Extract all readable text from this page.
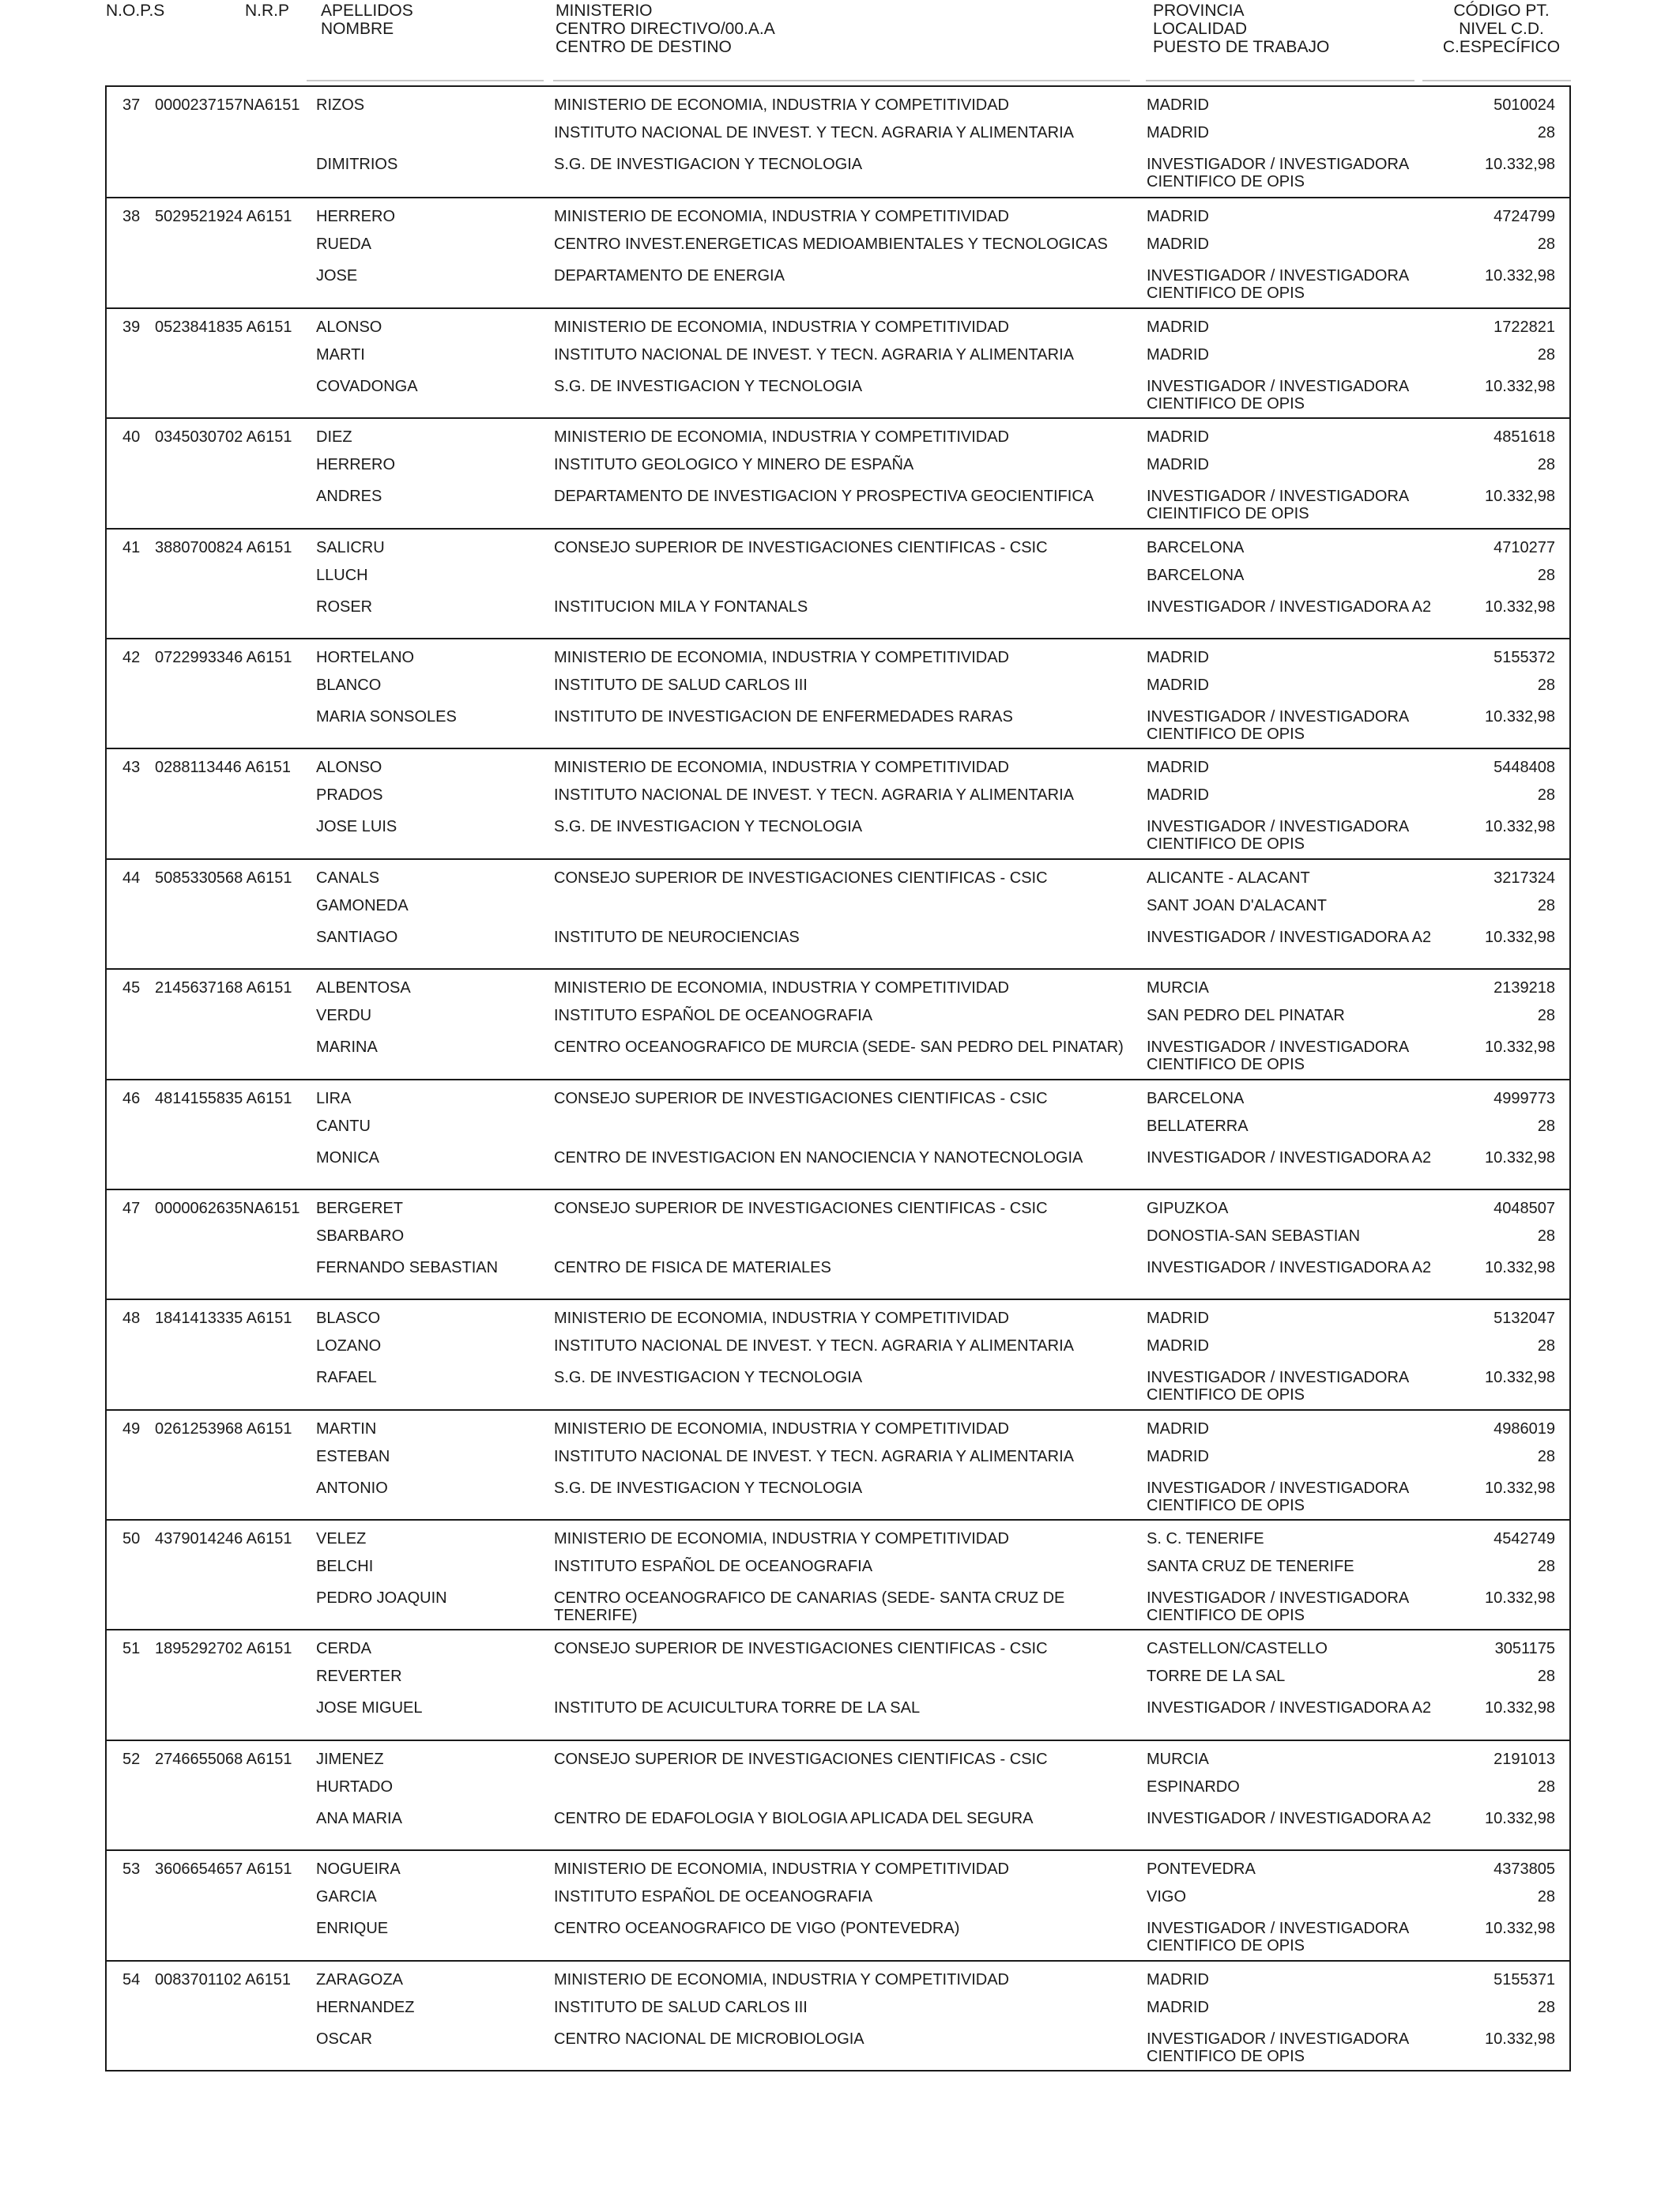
N.O.P.S	N.R.P APELLIDOS
NOMBRE
MINISTERIO
CENTRO DIRECTIVO/00.A.A
CENTRO DE DESTINO
PROVINCIA
LOCALIDAD
PUESTO DE TRABAJO
CÓDIGO PT.
NIVEL C.D.
C.ESPECÍFICO
37 0000237157NA6151 RIZOS
DIMITRIOS
MINISTERIO DE ECONOMIA, INDUSTRIA Y COMPETITIVIDAD
INSTITUTO NACIONAL DE INVEST. Y TECN. AGRARIA Y ALIMENTARIA
S.G. DE INVESTIGACION Y TECNOLOGIA
MADRID
MADRID
INVESTIGADOR / INVESTIGADORA CIENTIFICO DE OPIS
5010024
28
10.332,98
38 5029521924 A6151 HERRERO
RUEDA
JOSE
MINISTERIO DE ECONOMIA, INDUSTRIA Y COMPETITIVIDAD
CENTRO INVEST.ENERGETICAS MEDIOAMBIENTALES Y TECNOLOGICAS
DEPARTAMENTO DE ENERGIA
MADRID
MADRID
INVESTIGADOR / INVESTIGADORA CIENTIFICO DE OPIS
4724799
28
10.332,98
39 0523841835 A6151 ALONSO
MARTI
COVADONGA
MINISTERIO DE ECONOMIA, INDUSTRIA Y COMPETITIVIDAD
INSTITUTO NACIONAL DE INVEST. Y TECN. AGRARIA Y ALIMENTARIA
S.G. DE INVESTIGACION Y TECNOLOGIA
MADRID
MADRID
INVESTIGADOR / INVESTIGADORA CIENTIFICO DE OPIS
1722821
28
10.332,98
40 0345030702 A6151 DIEZ
HERRERO
ANDRES
MINISTERIO DE ECONOMIA, INDUSTRIA Y COMPETITIVIDAD
INSTITUTO GEOLOGICO Y MINERO DE ESPAÑA
DEPARTAMENTO DE INVESTIGACION Y PROSPECTIVA GEOCIENTIFICA
MADRID
MADRID
INVESTIGADOR / INVESTIGADORA CIEINTIFICO DE OPIS
4851618
28
10.332,98
41 3880700824 A6151 SALICRU
LLUCH
ROSER
CONSEJO SUPERIOR DE INVESTIGACIONES CIENTIFICAS - CSIC
INSTITUCION MILA Y FONTANALS
BARCELONA
BARCELONA
INVESTIGADOR / INVESTIGADORA A2
4710277
28
10.332,98
42 0722993346 A6151 HORTELANO
BLANCO
MARIA SONSOLES
MINISTERIO DE ECONOMIA, INDUSTRIA Y COMPETITIVIDAD
INSTITUTO DE SALUD CARLOS III
INSTITUTO DE INVESTIGACION DE ENFERMEDADES RARAS
MADRID
MADRID
INVESTIGADOR / INVESTIGADORA CIENTIFICO DE OPIS
5155372
28
10.332,98
43 0288113446 A6151 ALONSO
PRADOS
JOSE LUIS
MINISTERIO DE ECONOMIA, INDUSTRIA Y COMPETITIVIDAD
INSTITUTO NACIONAL DE INVEST. Y TECN. AGRARIA Y ALIMENTARIA
S.G. DE INVESTIGACION Y TECNOLOGIA
MADRID
MADRID
INVESTIGADOR / INVESTIGADORA CIENTIFICO DE OPIS
5448408
28
10.332,98
44 5085330568 A6151 CANALS
GAMONEDA
SANTIAGO
CONSEJO SUPERIOR DE INVESTIGACIONES CIENTIFICAS - CSIC
INSTITUTO DE NEUROCIENCIAS
ALICANTE - ALACANT
SANT JOAN D'ALACANT
INVESTIGADOR / INVESTIGADORA A2
3217324
28
10.332,98
45 2145637168 A6151 ALBENTOSA
VERDU
MARINA
MINISTERIO DE ECONOMIA, INDUSTRIA Y COMPETITIVIDAD
INSTITUTO ESPAÑOL DE OCEANOGRAFIA
CENTRO OCEANOGRAFICO DE MURCIA (SEDE- SAN PEDRO DEL PINATAR)
MURCIA
SAN PEDRO DEL PINATAR
INVESTIGADOR / INVESTIGADORA CIENTIFICO DE OPIS
2139218
28
10.332,98
46 4814155835 A6151 LIRA
CANTU
MONICA
CONSEJO SUPERIOR DE INVESTIGACIONES CIENTIFICAS - CSIC
CENTRO DE INVESTIGACION EN NANOCIENCIA Y NANOTECNOLOGIA
BARCELONA
BELLATERRA
INVESTIGADOR / INVESTIGADORA A2
4999773
28
10.332,98
47 0000062635NA6151 BERGERET
SBARBARO
FERNANDO SEBASTIAN
CONSEJO SUPERIOR DE INVESTIGACIONES CIENTIFICAS - CSIC
CENTRO DE FISICA DE MATERIALES
GIPUZKOA
DONOSTIA-SAN SEBASTIAN
INVESTIGADOR / INVESTIGADORA A2
4048507
28
10.332,98
48 1841413335 A6151 BLASCO
LOZANO
RAFAEL
MINISTERIO DE ECONOMIA, INDUSTRIA Y COMPETITIVIDAD
INSTITUTO NACIONAL DE INVEST. Y TECN. AGRARIA Y ALIMENTARIA
S.G. DE INVESTIGACION Y TECNOLOGIA
MADRID
MADRID
INVESTIGADOR / INVESTIGADORA CIENTIFICO DE OPIS
5132047
28
10.332,98
49 0261253968 A6151 MARTIN
ESTEBAN
ANTONIO
MINISTERIO DE ECONOMIA, INDUSTRIA Y COMPETITIVIDAD
INSTITUTO NACIONAL DE INVEST. Y TECN. AGRARIA Y ALIMENTARIA
S.G. DE INVESTIGACION Y TECNOLOGIA
MADRID
MADRID
INVESTIGADOR / INVESTIGADORA CIENTIFICO DE OPIS
4986019
28
10.332,98
50 4379014246 A6151 VELEZ
BELCHI
PEDRO JOAQUIN
MINISTERIO DE ECONOMIA, INDUSTRIA Y COMPETITIVIDAD
INSTITUTO ESPAÑOL DE OCEANOGRAFIA
CENTRO OCEANOGRAFICO DE CANARIAS (SEDE- SANTA CRUZ DE TENERIFE)
S. C. TENERIFE
SANTA CRUZ DE TENERIFE
INVESTIGADOR / INVESTIGADORA CIENTIFICO DE OPIS
4542749
28
10.332,98
51 1895292702 A6151 CERDA
REVERTER
JOSE MIGUEL
CONSEJO SUPERIOR DE INVESTIGACIONES CIENTIFICAS - CSIC
INSTITUTO DE ACUICULTURA TORRE DE LA SAL
CASTELLON/CASTELLO
TORRE DE LA SAL
INVESTIGADOR / INVESTIGADORA A2
3051175
28
10.332,98
52 2746655068 A6151 JIMENEZ
HURTADO
ANA MARIA
CONSEJO SUPERIOR DE INVESTIGACIONES CIENTIFICAS - CSIC
CENTRO DE EDAFOLOGIA Y BIOLOGIA APLICADA DEL SEGURA
MURCIA
ESPINARDO
INVESTIGADOR / INVESTIGADORA A2
2191013
28
10.332,98
53 3606654657 A6151 NOGUEIRA
GARCIA
ENRIQUE
MINISTERIO DE ECONOMIA, INDUSTRIA Y COMPETITIVIDAD
INSTITUTO ESPAÑOL DE OCEANOGRAFIA
CENTRO OCEANOGRAFICO DE VIGO (PONTEVEDRA)
PONTEVEDRA
VIGO
INVESTIGADOR / INVESTIGADORA CIENTIFICO DE OPIS
4373805
28
10.332,98
54 0083701102 A6151 ZARAGOZA
HERNANDEZ
OSCAR
MINISTERIO DE ECONOMIA, INDUSTRIA Y COMPETITIVIDAD
INSTITUTO DE SALUD CARLOS III
CENTRO NACIONAL DE MICROBIOLOGIA
MADRID
MADRID
INVESTIGADOR / INVESTIGADORA CIENTIFICO DE OPIS
5155371
28
10.332,98
